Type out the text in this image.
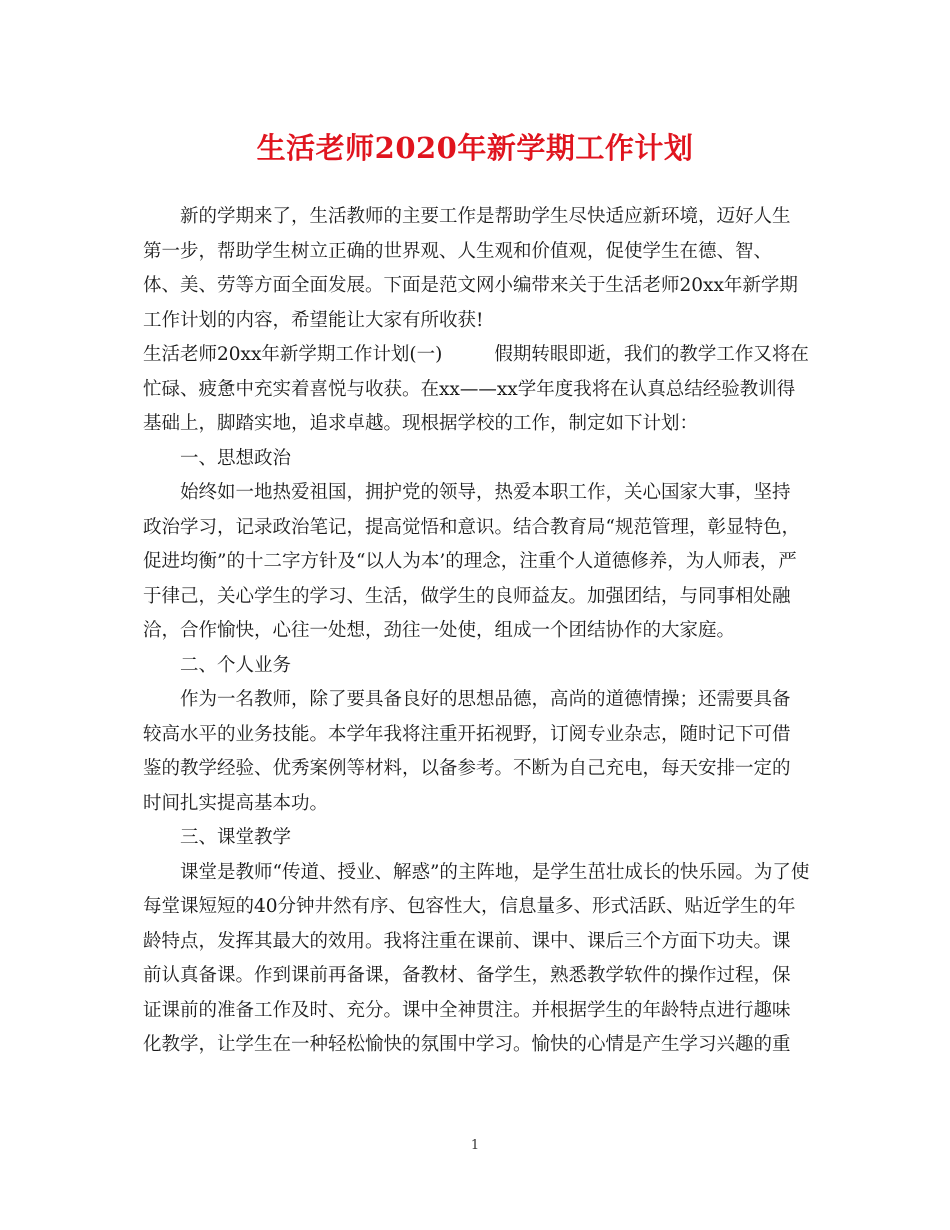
生活老师2020年新学期工作计划
新的学期来了，生活教师的主要工作是帮助学生尽快适应新环境，迈好人生
第一步，帮助学生树立正确的世界观、人生观和价值观，促使学生在德、智、
体、美、劳等方面全面发展。下面是范文网小编带来关于生活老师20xx年新学期
工作计划的内容，希望能让大家有所收获!
生活老师20xx年新学期工作计划(一)	假期转眼即逝，我们的教学工作又将在
忙碌、疲惫中充实着喜悦与收获。在xx——xx学年度我将在认真总结经验教训得
基础上，脚踏实地，追求卓越。现根据学校的工作，制定如下计划：
一、思想政治
始终如一地热爱祖国，拥护党的领导，热爱本职工作，关心国家大事，坚持
政治学习，记录政治笔记，提高觉悟和意识。结合教育局“规范管理，彰显特色，
促进均衡”的十二字方针及“以人为本’的理念，注重个人道德修养，为人师表，严
于律己，关心学生的学习、生活，做学生的良师益友。加强团结，与同事相处融
洽，合作愉快，心往一处想，劲往一处使，组成一个团结协作的大家庭。
二、个人业务
作为一名教师，除了要具备良好的思想品德，高尚的道德情操；还需要具备
较高水平的业务技能。本学年我将注重开拓视野，订阅专业杂志，随时记下可借
鉴的教学经验、优秀案例等材料，以备参考。不断为自己充电，每天安排一定的
时间扎实提高基本功。
三、课堂教学
课堂是教师“传道、授业、解惑”的主阵地，是学生茁壮成长的快乐园。为了使
每堂课短短的40分钟井然有序、包容性大，信息量多、形式活跃、贴近学生的年
龄特点，发挥其最大的效用。我将注重在课前、课中、课后三个方面下功夫。课
前认真备课。作到课前再备课，备教材、备学生，熟悉教学软件的操作过程，保
证课前的准备工作及时、充分。课中全神贯注。并根据学生的年龄特点进行趣味
化教学，让学生在一种轻松愉快的氛围中学习。愉快的心情是产生学习兴趣的重
1
